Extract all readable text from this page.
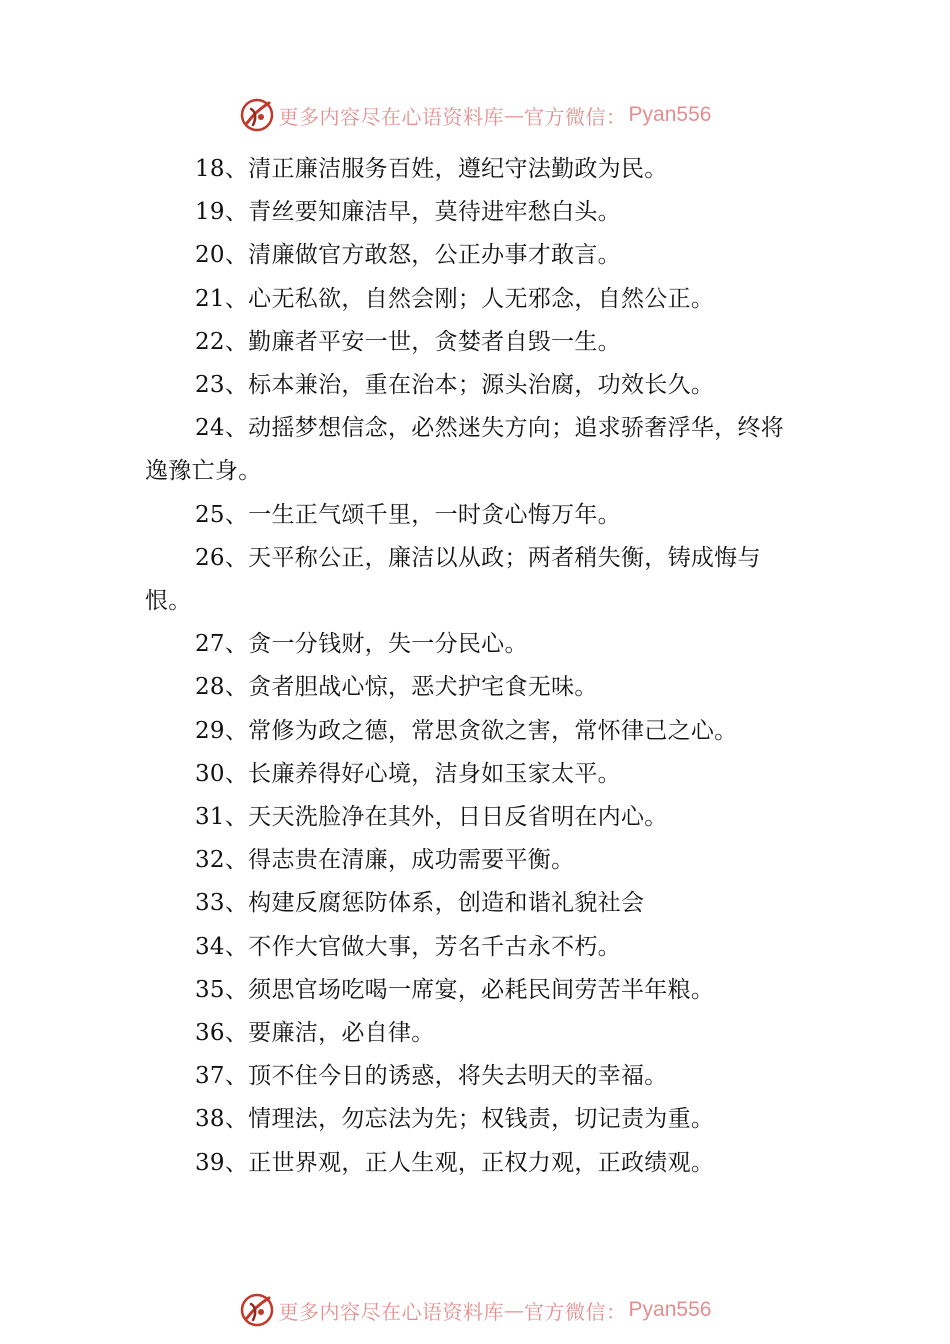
更多内容尽在心语资料库 — 官方微信： Pyan556

18、清正廉洁服务百姓，遵纪守法勤政为民。

19、青丝要知廉洁早，莫待进牢愁白头。

20、清廉做官方敢怒，公正办事才敢言。

21、心无私欲，自然会刚；人无邪念，自然公正。

22、勤廉者平安一世，贪婪者自毁一生。

23、标本兼治，重在治本；源头治腐，功效长久。

24、动摇梦想信念，必然迷失方向；追求骄奢浮华，终将逸豫亡身。

25、一生正气颂千里，一时贪心悔万年。

26、天平称公正，廉洁以从政；两者稍失衡，铸成悔与恨。

27、贪一分钱财，失一分民心。

28、贪者胆战心惊，恶犬护宅食无味。

29、常修为政之德，常思贪欲之害，常怀律己之心。

30、长廉养得好心境，洁身如玉家太平。

31、天天洗脸净在其外，日日反省明在内心。

32、得志贵在清廉，成功需要平衡。

33、构建反腐惩防体系，创造和谐礼貌社会

34、不作大官做大事，芳名千古永不朽。

35、须思官场吃喝一席宴，必耗民间劳苦半年粮。

36、要廉洁，必自律。

37、顶不住今日的诱惑，将失去明天的幸福。

38、情理法，勿忘法为先；权钱责，切记责为重。

39、正世界观，正人生观，正权力观，正政绩观。

更多内容尽在心语资料库 — 官方微信： Pyan556
